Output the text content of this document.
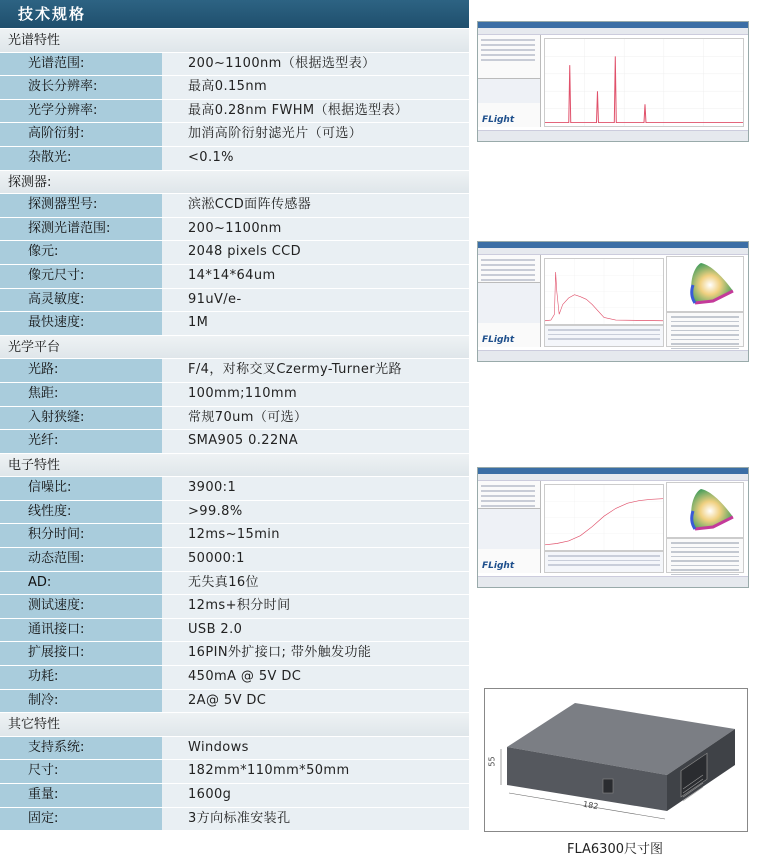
技术规格
光谱特性
光谱范围:	200~1100nm（根据选型表）
波长分辨率:	最高0.15nm
光学分辨率:	最高0.28nm FWHM（根据选型表）
高阶衍射:	加消高阶衍射滤光片（可选）
杂散光:	<0.1%
探测器:
探测器型号:	滨淞CCD面阵传感器
探测光谱范围:	200~1100nm
像元:	2048 pixels CCD
像元尺寸:	14*14*64um
高灵敏度:	91uV/e-
最快速度:	1M
光学平台
光路:	F/4，对称交叉Czermy-Turner光路
焦距:	100mm;110mm
入射狭缝:	常规70um（可选）
光纤:	SMA905 0.22NA
电子特性
信噪比:	3900:1
线性度:	>99.8%
积分时间:	12ms~15min
动态范围:	50000:1
AD:	无失真16位
测试速度:	12ms+积分时间
通讯接口:	USB 2.0
扩展接口:	16PIN外扩接口; 带外触发功能
功耗:	450mA @ 5V DC
制冷:	2A@ 5V DC
其它特性
支持系统:	Windows
尺寸:	182mm*110mm*50mm
重量:	1600g
固定:	3方向标准安装孔
FLight
FLight
FLight
55
182
FLA6300尺寸图
